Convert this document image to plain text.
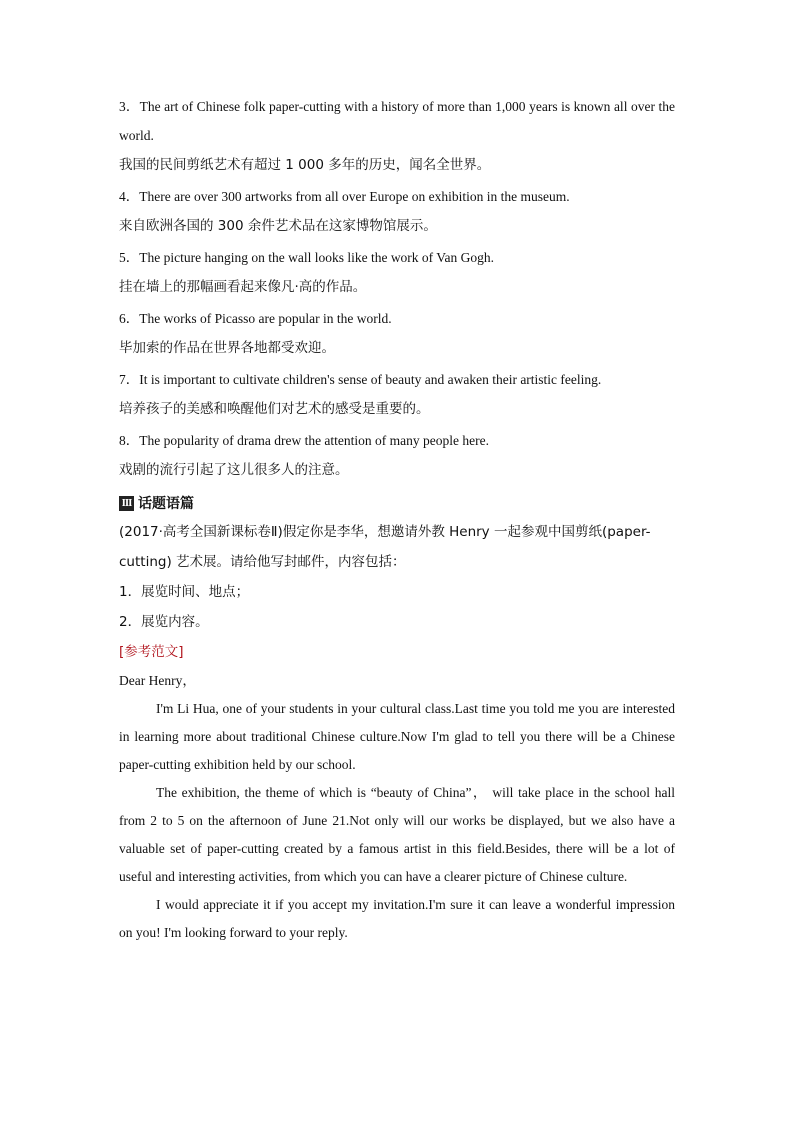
3．The art of Chinese folk paper-cutting with a history of more than 1,000 years is known all over the world.

我国的民间剪纸艺术有超过 1 000 多年的历史，闻名全世界。

4．There are over 300 artworks from all over Europe on exhibition in the museum.

来自欧洲各国的 300 余件艺术品在这家博物馆展示。

5．The picture hanging on the wall looks like the work of Van Gogh.

挂在墙上的那幅画看起来像凡·高的作品。

6．The works of Picasso are popular in the world.

毕加索的作品在世界各地都受欢迎。

7．It is important to cultivate children's sense of beauty and awaken their artistic feeling.

培养孩子的美感和唤醒他们对艺术的感受是重要的。

8．The popularity of drama drew the attention of many people here.

戏剧的流行引起了这儿很多人的注意。

III 话题语篇

(2017·高考全国新课标卷Ⅱ)假定你是李华，想邀请外教 Henry 一起参观中国剪纸(paper-cutting) 艺术展。请给他写封邮件，内容包括：

1．展览时间、地点；

2．展览内容。

[参考范文]

Dear Henry，

I'm Li Hua, one of your students in your cultural class.Last time you told me you are interested in learning more about traditional Chinese culture.Now I'm glad to tell you there will be a Chinese paper-cutting exhibition held by our school.

The exhibition, the theme of which is “beauty of China”， will take place in the school hall from 2 to 5 on the afternoon of June 21.Not only will our works be displayed, but we also have a valuable set of paper-cutting created by a famous artist in this field.Besides, there will be a lot of useful and interesting activities, from which you can have a clearer picture of Chinese culture.

I would appreciate it if you accept my invitation.I'm sure it can leave a wonderful impression on you! I'm looking forward to your reply.
